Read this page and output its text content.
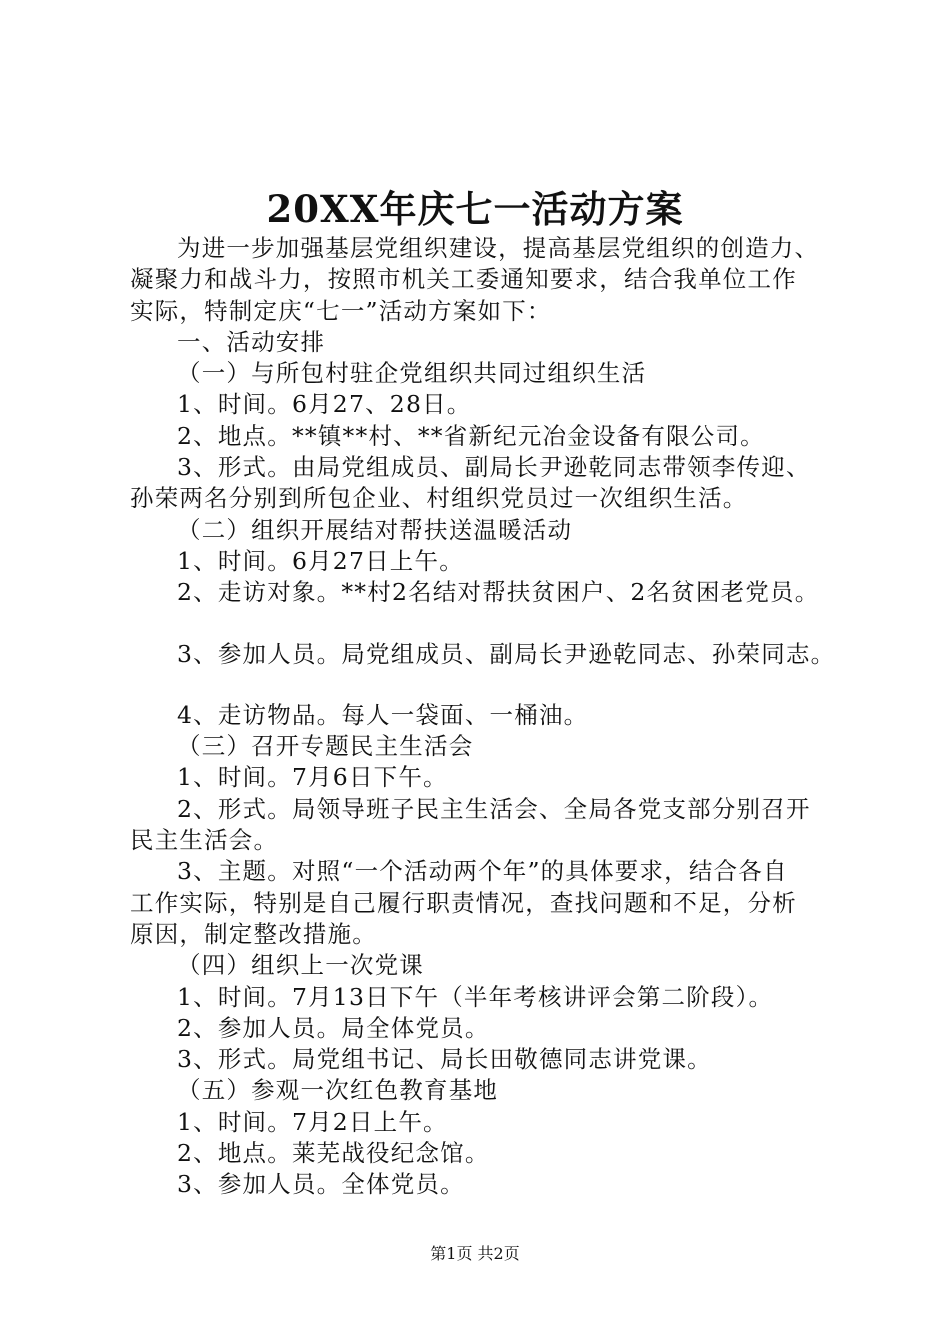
20XX年庆七一活动方案
为进一步加强基层党组织建设，提高基层党组织的创造力、
凝聚力和战斗力，按照市机关工委通知要求，结合我单位工作
实际，特制定庆“七一”活动方案如下：
一、活动安排
（一）与所包村驻企党组织共同过组织生活
1、时间。6月27、28日。
2、地点。**镇**村、**省新纪元冶金设备有限公司。
3、形式。由局党组成员、副局长尹逊乾同志带领李传迎、
孙荣两名分别到所包企业、村组织党员过一次组织生活。
（二）组织开展结对帮扶送温暖活动
1、时间。6月27日上午。
2、走访对象。**村2名结对帮扶贫困户、2名贫困老党员。
3、参加人员。局党组成员、副局长尹逊乾同志、孙荣同志。
4、走访物品。每人一袋面、一桶油。
（三）召开专题民主生活会
1、时间。7月6日下午。
2、形式。局领导班子民主生活会、全局各党支部分别召开
民主生活会。
3、主题。对照“一个活动两个年”的具体要求，结合各自
工作实际，特别是自己履行职责情况，查找问题和不足，分析
原因，制定整改措施。
（四）组织上一次党课
1、时间。7月13日下午（半年考核讲评会第二阶段）。
2、参加人员。局全体党员。
3、形式。局党组书记、局长田敬德同志讲党课。
（五）参观一次红色教育基地
1、时间。7月2日上午。
2、地点。莱芜战役纪念馆。
3、参加人员。全体党员。
第1页 共2页
